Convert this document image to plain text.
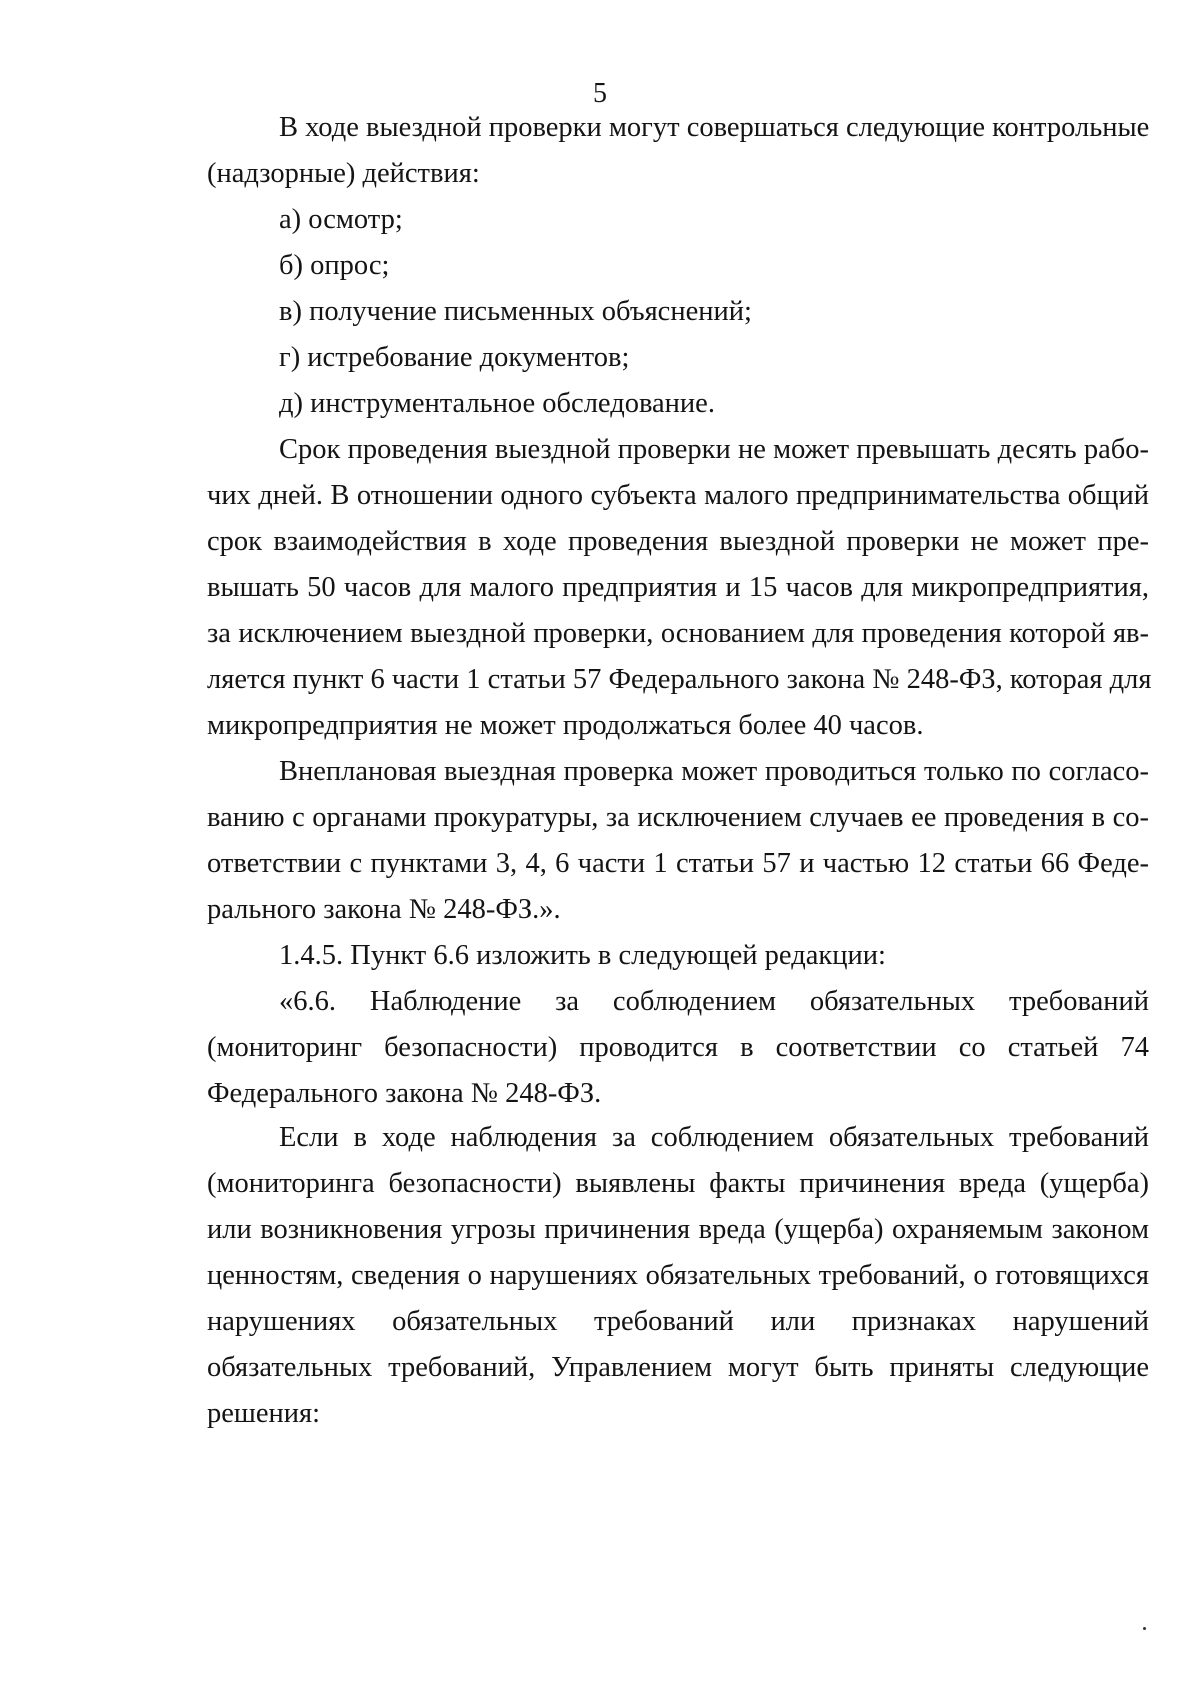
5
В ходе выездной проверки могут совершаться следующие контрольные
(надзорные) действия:
а) осмотр;
б) опрос;
в) получение письменных объяснений;
г) истребование документов;
д) инструментальное обследование.
Срок проведения выездной проверки не может превышать десять рабо-
чих дней. В отношении одного субъекта малого предпринимательства общий
срок взаимодействия в ходе проведения выездной проверки не может пре-
вышать 50 часов для малого предприятия и 15 часов для микропредприятия,
за исключением выездной проверки, основанием для проведения которой яв-
ляется пункт 6 части 1 статьи 57 Федерального закона № 248-ФЗ, которая для
микропредприятия не может продолжаться более 40 часов.
Внеплановая выездная проверка может проводиться только по согласо-
ванию с органами прокуратуры, за исключением случаев ее проведения в со-
ответствии с пунктами 3, 4, 6 части 1 статьи 57 и частью 12 статьи 66 Феде-
рального закона № 248-ФЗ.».
1.4.5. Пункт 6.6 изложить в следующей редакции:
«6.6. Наблюдение за соблюдением обязательных требований
(мониторинг безопасности) проводится в соответствии со статьей 74
Федерального закона № 248-ФЗ.
Если в ходе наблюдения за соблюдением обязательных требований
(мониторинга безопасности) выявлены факты причинения вреда (ущерба)
или возникновения угрозы причинения вреда (ущерба) охраняемым законом
ценностям, сведения о нарушениях обязательных требований, о готовящихся
нарушениях обязательных требований или признаках нарушений
обязательных требований, Управлением могут быть приняты следующие
решения:
